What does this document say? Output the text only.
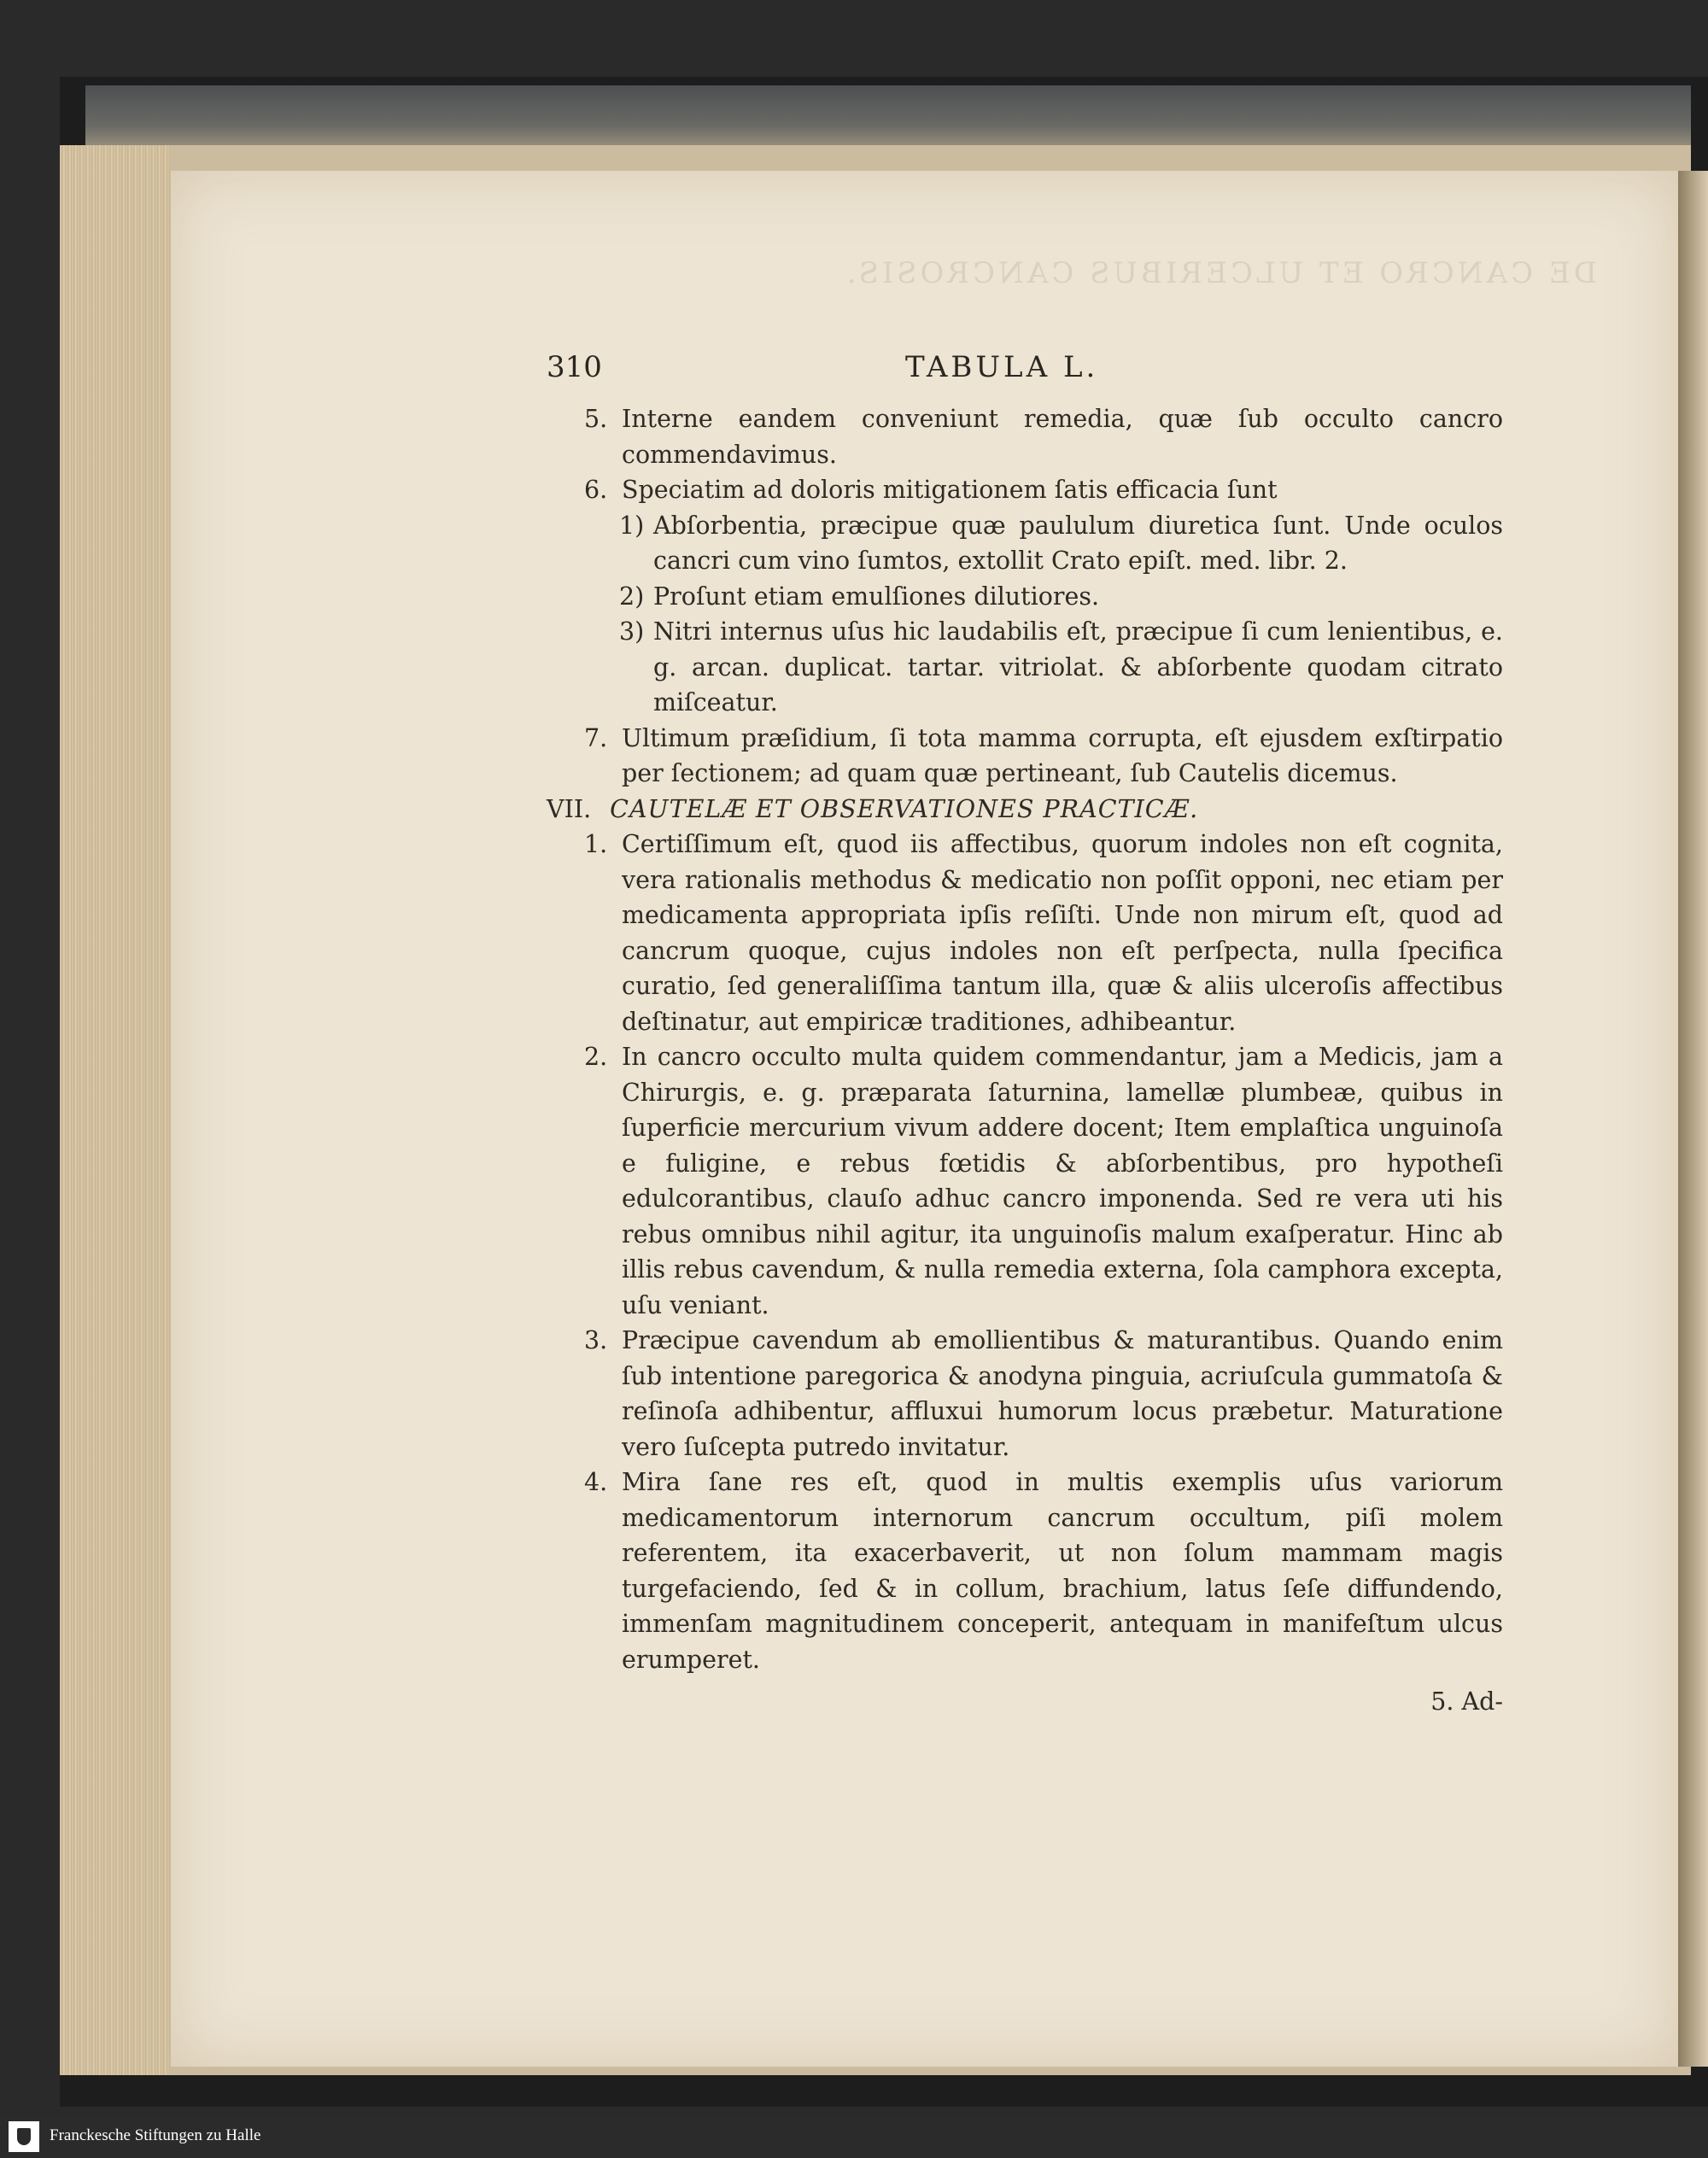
DE CANCRO ET ULCERIBUS CANCROSIS.
310	TABULA L.
5. Interne eandem conveniunt remedia, quæ ſub occulto cancro commendavimus.
6. Speciatim ad doloris mitigationem ſatis efficacia ſunt
1) Abſorbentia, præcipue quæ paululum diuretica ſunt. Unde oculos cancri cum vino ſumtos, extollit Crato epiſt. med. libr. 2.
2) Proſunt etiam emulſiones dilutiores.
3) Nitri internus uſus hic laudabilis eſt, præcipue ſi cum lenientibus, e. g. arcan. duplicat. tartar. vitriolat. & abſorbente quodam citrato miſceatur.
7. Ultimum præſidium, ſi tota mamma corrupta, eſt ejusdem exſtirpatio per ſectionem; ad quam quæ pertineant, ſub Cautelis dicemus.
VII. CAUTELÆ ET OBSERVATIONES PRACTICÆ.
1. Certiſſimum eſt, quod iis affectibus, quorum indoles non eſt cognita, vera rationalis methodus & medicatio non poſſit opponi, nec etiam per medicamenta appropriata ipſis reſiſti. Unde non mirum eſt, quod ad cancrum quoque, cujus indoles non eſt perſpecta, nulla ſpecifica curatio, ſed generaliſſima tantum illa, quæ & aliis ulceroſis affectibus deſtinatur, aut empiricæ traditiones, adhibeantur.
2. In cancro occulto multa quidem commendantur, jam a Medicis, jam a Chirurgis, e. g. præparata ſaturnina, lamellæ plumbeæ, quibus in ſuperficie mercurium vivum addere docent; Item emplaſtica unguinoſa e fuligine, e rebus fœtidis & abſorbentibus, pro hypotheſi edulcorantibus, clauſo adhuc cancro imponenda. Sed re vera uti his rebus omnibus nihil agitur, ita unguinoſis malum exaſperatur. Hinc ab illis rebus cavendum, & nulla remedia externa, ſola camphora excepta, uſu veniant.
3. Præcipue cavendum ab emollientibus & maturantibus. Quando enim ſub intentione paregorica & anodyna pinguia, acriuſcula gummatoſa & reſinoſa adhibentur, affluxui humorum locus præbetur. Maturatione vero ſuſcepta putredo invitatur.
4. Mira ſane res eſt, quod in multis exemplis uſus variorum medicamentorum internorum cancrum occultum, piſi molem referentem, ita exacerbaverit, ut non ſolum mammam magis turgefaciendo, ſed & in collum, brachium, latus ſeſe diffundendo, immenſam magnitudinem conceperit, antequam in manifeſtum ulcus erumperet.
5. Ad-
Franckesche Stiftungen zu Halle
